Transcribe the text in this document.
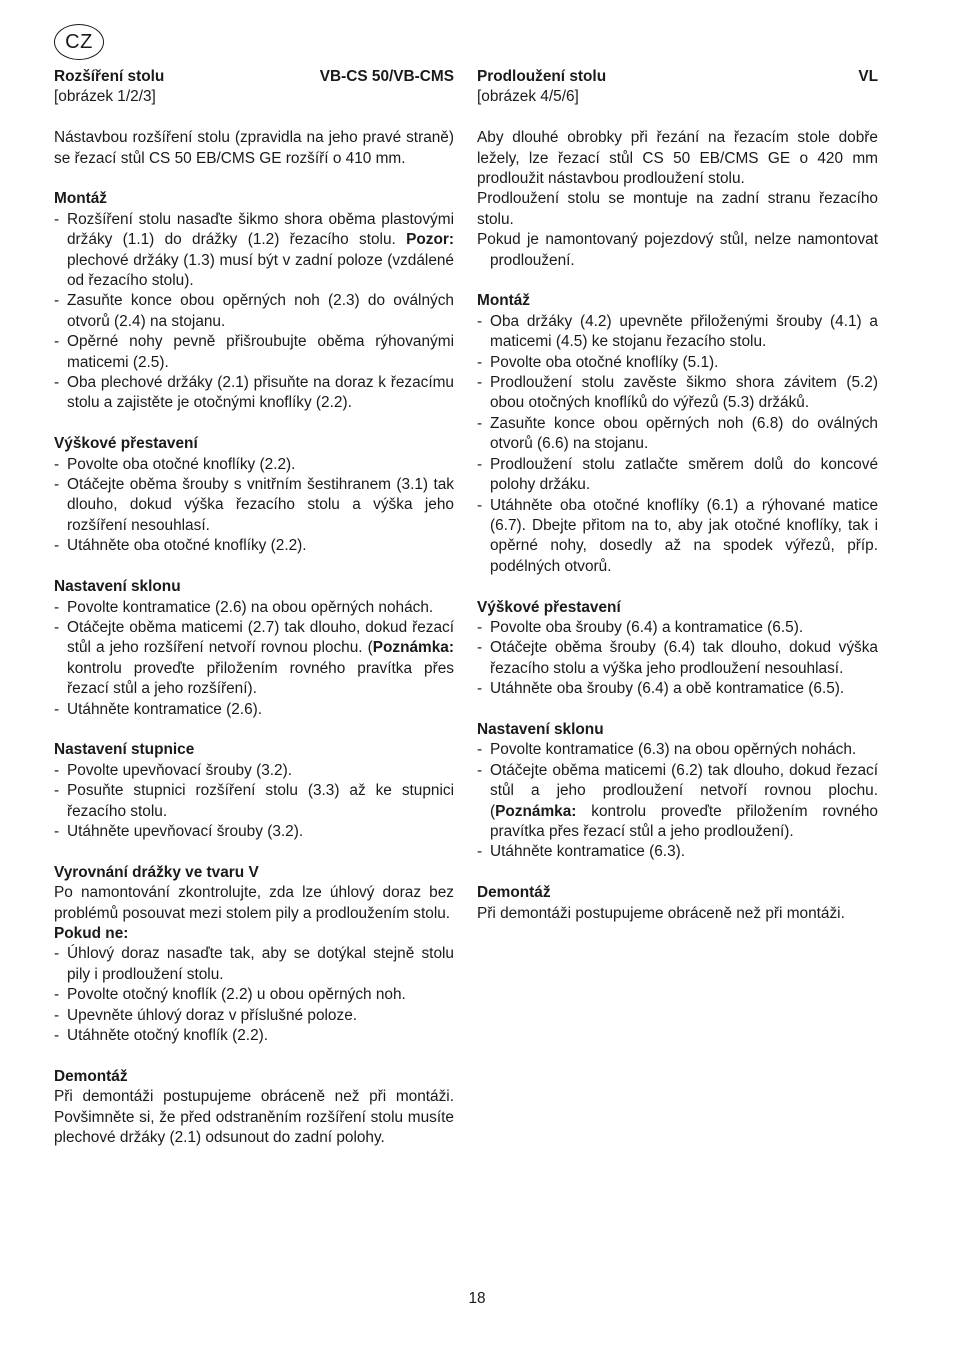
CZ
Rozšíření stolu	VB-CS 50/VB-CMS
[obrázek 1/2/3]

Nástavbou rozšíření stolu (zpravidla na jeho pravé straně) se řezací stůl CS 50 EB/CMS GE rozšíří o 410 mm.

Montáž
- Rozšíření stolu nasaďte šikmo shora oběma plastovými držáky (1.1) do drážky (1.2) řezacího stolu. Pozor: plechové držáky (1.3) musí být v zadní poloze (vzdálené od řezacího stolu).
- Zasuňte konce obou opěrných noh (2.3) do oválných otvorů (2.4) na stojanu.
- Opěrné nohy pevně přišroubujte oběma rýhovanými maticemi (2.5).
- Oba plechové držáky (2.1) přisuňte na doraz k řezacímu stolu a zajistěte je otočnými knoflíky (2.2).
Výškové přestavení
- Povolte oba otočné knoflíky (2.2).
- Otáčejte oběma šrouby s vnitřním šestihranem (3.1) tak dlouho, dokud výška řezacího stolu a výška jeho rozšíření nesouhlasí.
- Utáhněte oba otočné knoflíky (2.2).
Nastavení sklonu
- Povolte kontramatice (2.6) na obou opěrných nohách.
- Otáčejte oběma maticemi (2.7) tak dlouho, dokud řezací stůl a jeho rozšíření netvoří rovnou plochu. (Poznámka: kontrolu proveďte přiložením rovného pravítka přes řezací stůl a jeho rozšíření).
- Utáhněte kontramatice (2.6).
Nastavení stupnice
- Povolte upevňovací šrouby (3.2).
- Posuňte stupnici rozšíření stolu (3.3) až ke stupnici řezacího stolu.
- Utáhněte upevňovací šrouby (3.2).
Vyrovnání drážky ve tvaru V

Po namontování zkontrolujte, zda lze úhlový doraz bez problémů posouvat mezi stolem pily a prodloužením stolu.

Pokud ne:
- Úhlový doraz nasaďte tak, aby se dotýkal stejně stolu pily i prodloužení stolu.
- Povolte otočný knoflík (2.2) u obou opěrných noh.
- Upevněte úhlový doraz v příslušné poloze.
- Utáhněte otočný knoflík (2.2).
Demontáž

Při demontáži postupujeme obráceně než při montáži. Povšimněte si, že před odstraněním rozšíření stolu musíte plechové držáky (2.1) odsunout do zadní polohy.

Prodloužení stolu	VL
[obrázek 4/5/6]

Aby dlouhé obrobky při řezání na řezacím stole dobře ležely, lze řezací stůl CS 50 EB/CMS GE o 420 mm prodloužit nástavbou prodloužení stolu.

Prodloužení stolu se montuje na zadní stranu řezacího stolu.

Pokud je namontovaný pojezdový stůl, nelze namontovat prodloužení.

Montáž
- Oba držáky (4.2) upevněte přiloženými šrouby (4.1) a maticemi (4.5) ke stojanu řezacího stolu.
- Povolte oba otočné knoflíky (5.1).
- Prodloužení stolu zavěste šikmo shora závitem (5.2) obou otočných knoflíků do výřezů (5.3) držáků.
- Zasuňte konce obou opěrných noh (6.8) do oválných otvorů (6.6) na stojanu.
- Prodloužení stolu zatlačte směrem dolů do koncové polohy držáku.
- Utáhněte oba otočné knoflíky (6.1) a rýhované matice (6.7). Dbejte přitom na to, aby jak otočné knoflíky, tak i opěrné nohy, dosedly až na spodek výřezů, příp. podélných otvorů.
Výškové přestavení
- Povolte oba šrouby (6.4) a kontramatice (6.5).
- Otáčejte oběma šrouby (6.4) tak dlouho, dokud výška řezacího stolu a výška jeho prodloužení nesouhlasí.
- Utáhněte oba šrouby (6.4) a obě kontramatice (6.5).
Nastavení sklonu
- Povolte kontramatice (6.3) na obou opěrných nohách.
- Otáčejte oběma maticemi (6.2) tak dlouho, dokud řezací stůl a jeho prodloužení netvoří rovnou plochu. (Poznámka: kontrolu proveďte přiložením rovného pravítka přes řezací stůl a jeho prodloužení).
- Utáhněte kontramatice (6.3).
Demontáž

Při demontáži postupujeme obráceně než při montáži.

18
